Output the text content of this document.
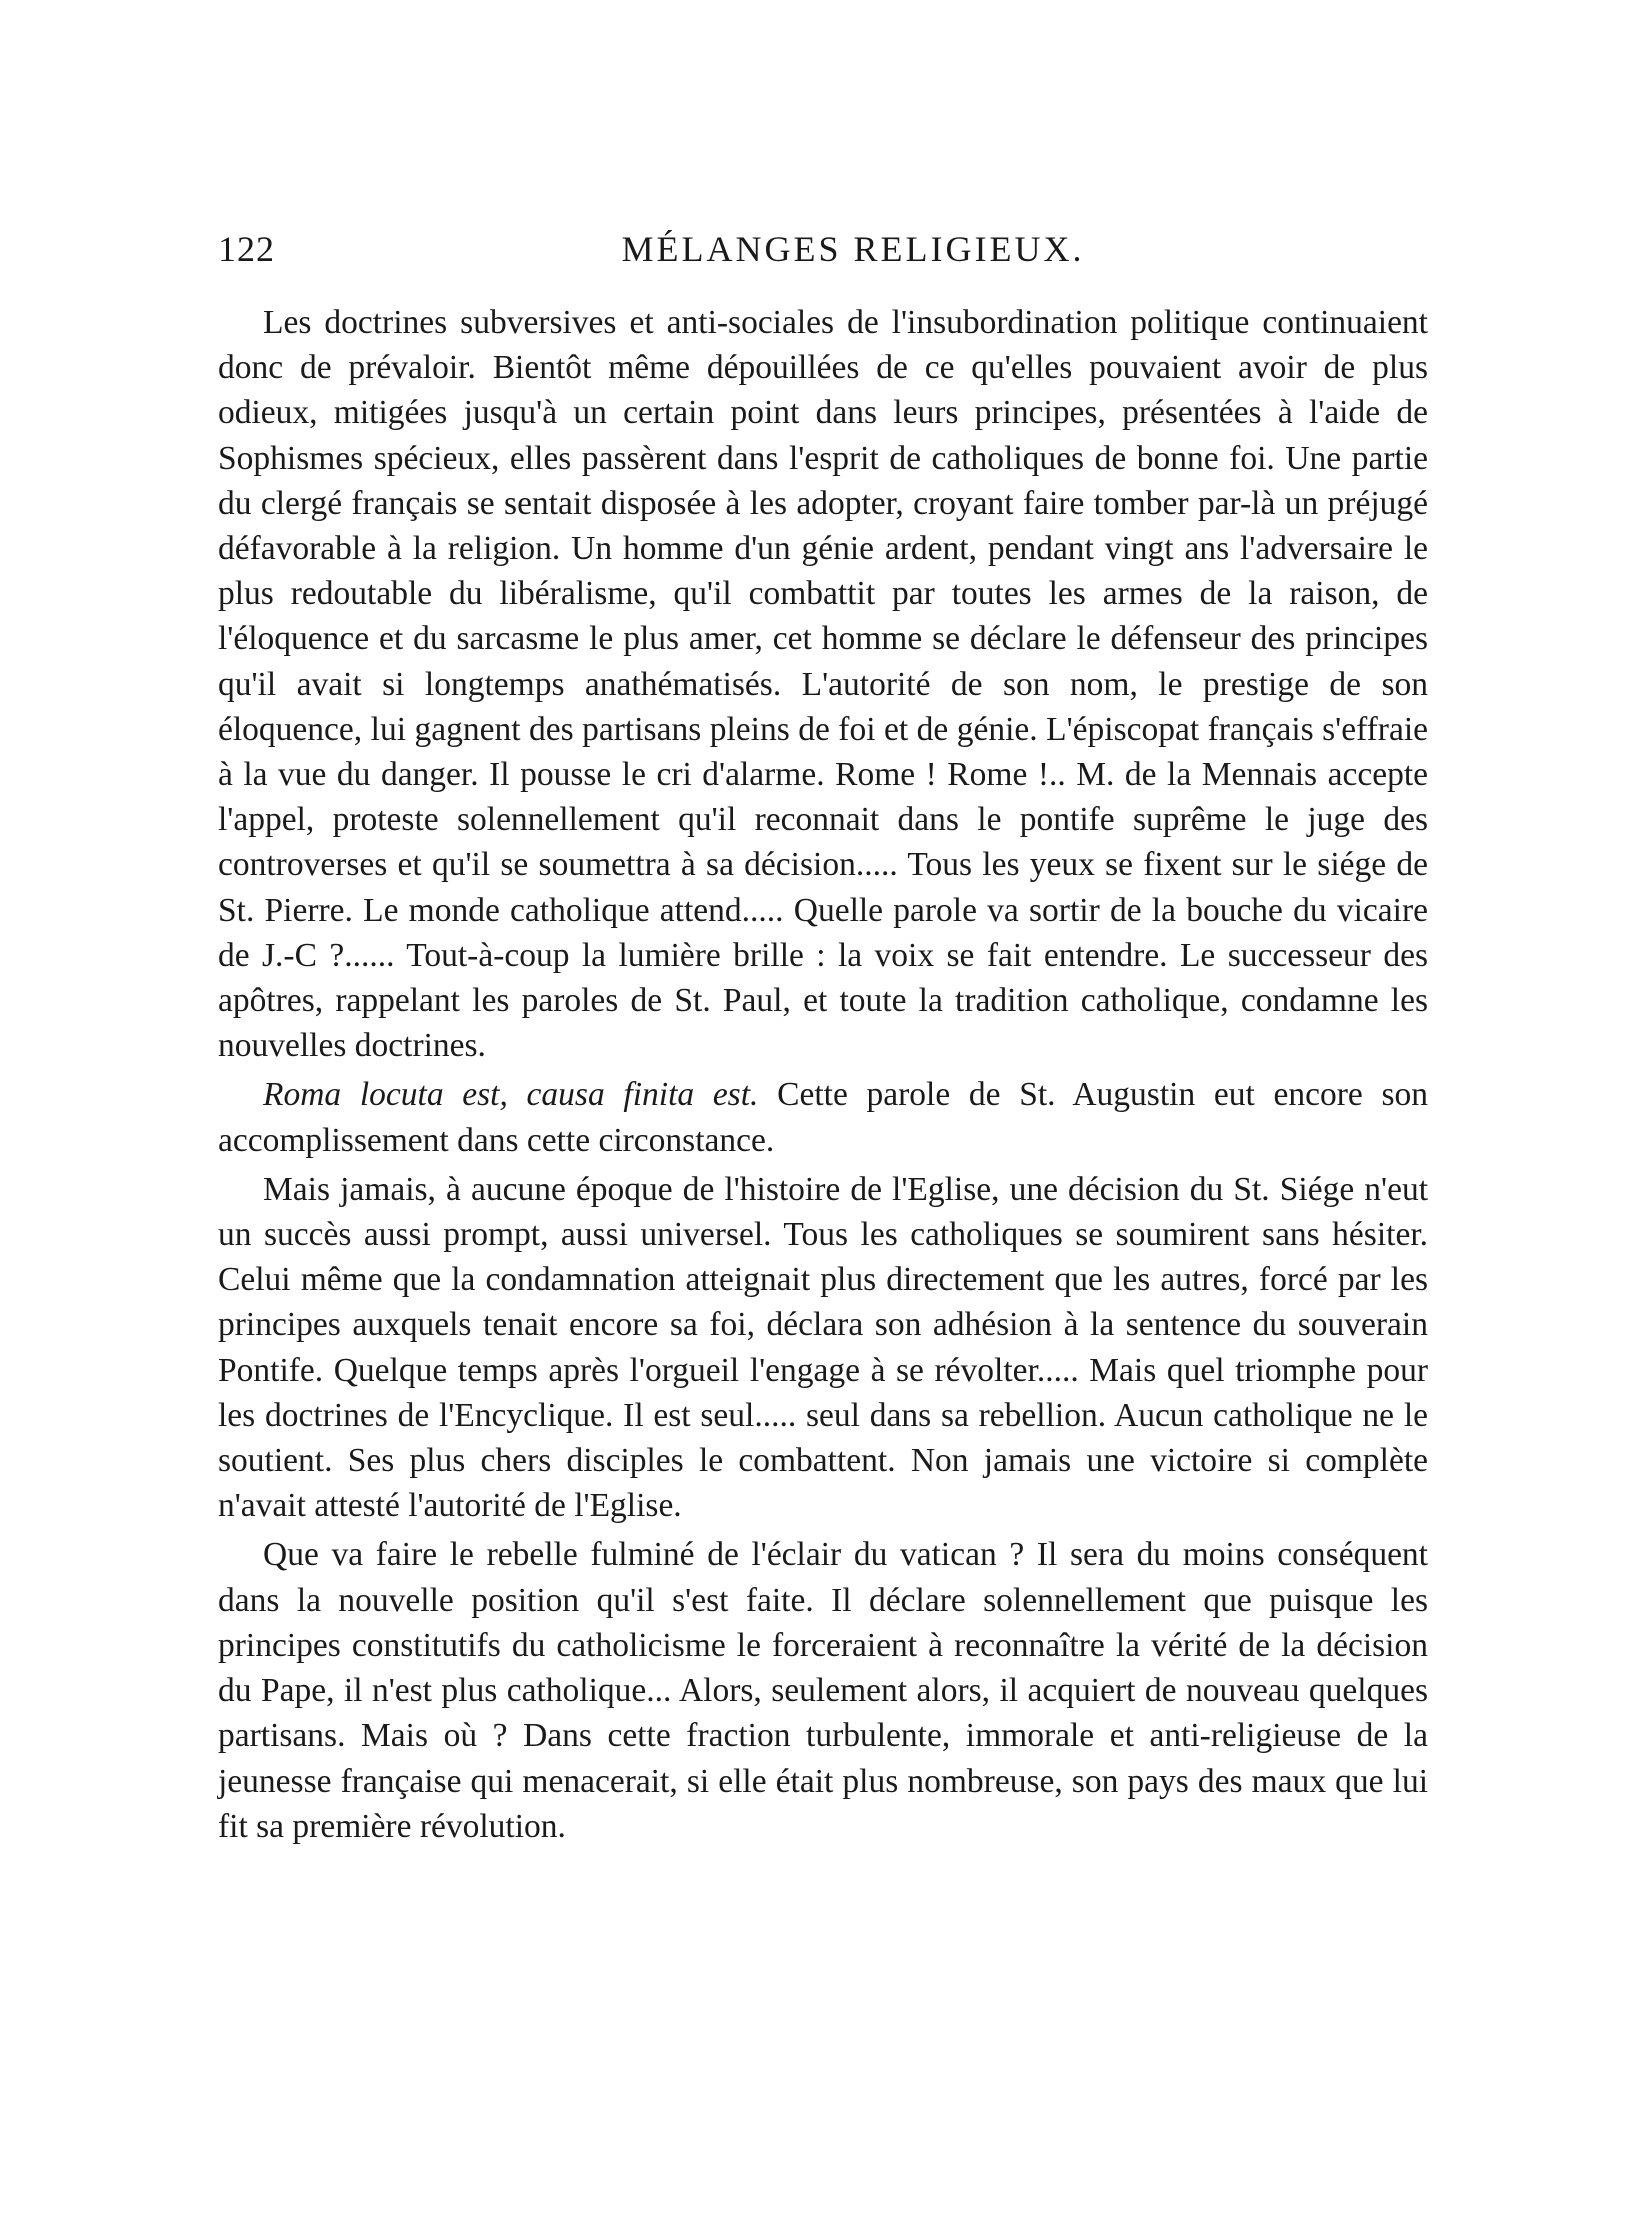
122	MÉLANGES RELIGIEUX.

Les doctrines subversives et anti-sociales de l'insubordination politique continuaient donc de prévaloir. Bientôt même dépouillées de ce qu'elles pouvaient avoir de plus odieux, mitigées jusqu'à un certain point dans leurs principes, présentées à l'aide de Sophismes spécieux, elles passèrent dans l'esprit de catholiques de bonne foi. Une partie du clergé français se sentait disposée à les adopter, croyant faire tomber par-là un préjugé défavorable à la religion. Un homme d'un génie ardent, pendant vingt ans l'adversaire le plus redoutable du libéralisme, qu'il combattit par toutes les armes de la raison, de l'éloquence et du sarcasme le plus amer, cet homme se déclare le défenseur des principes qu'il avait si longtemps anathématisés. L'autorité de son nom, le prestige de son éloquence, lui gagnent des partisans pleins de foi et de génie. L'épiscopat français s'effraie à la vue du danger. Il pousse le cri d'alarme. Rome ! Rome !.. M. de la Mennais accepte l'appel, proteste solennellement qu'il reconnait dans le pontife suprême le juge des controverses et qu'il se soumettra à sa décision..... Tous les yeux se fixent sur le siége de St. Pierre. Le monde catholique attend..... Quelle parole va sortir de la bouche du vicaire de J.-C ?...... Tout-à-coup la lumière brille : la voix se fait entendre. Le successeur des apôtres, rappelant les paroles de St. Paul, et toute la tradition catholique, condamne les nouvelles doctrines.

Roma locuta est, causa finita est. Cette parole de St. Augustin eut encore son accomplissement dans cette circonstance.

Mais jamais, à aucune époque de l'histoire de l'Eglise, une décision du St. Siége n'eut un succès aussi prompt, aussi universel. Tous les catholiques se soumirent sans hésiter. Celui même que la condamnation atteignait plus directement que les autres, forcé par les principes auxquels tenait encore sa foi, déclara son adhésion à la sentence du souverain Pontife. Quelque temps après l'orgueil l'engage à se révolter..... Mais quel triomphe pour les doctrines de l'Encyclique. Il est seul..... seul dans sa rebellion. Aucun catholique ne le soutient. Ses plus chers disciples le combattent. Non jamais une victoire si complète n'avait attesté l'autorité de l'Eglise.

Que va faire le rebelle fulminé de l'éclair du vatican ? Il sera du moins conséquent dans la nouvelle position qu'il s'est faite. Il déclare solennellement que puisque les principes constitutifs du catholicisme le forceraient à reconnaître la vérité de la décision du Pape, il n'est plus catholique... Alors, seulement alors, il acquiert de nouveau quelques partisans. Mais où ? Dans cette fraction turbulente, immorale et anti-religieuse de la jeunesse française qui menacerait, si elle était plus nombreuse, son pays des maux que lui fit sa première révolution.
